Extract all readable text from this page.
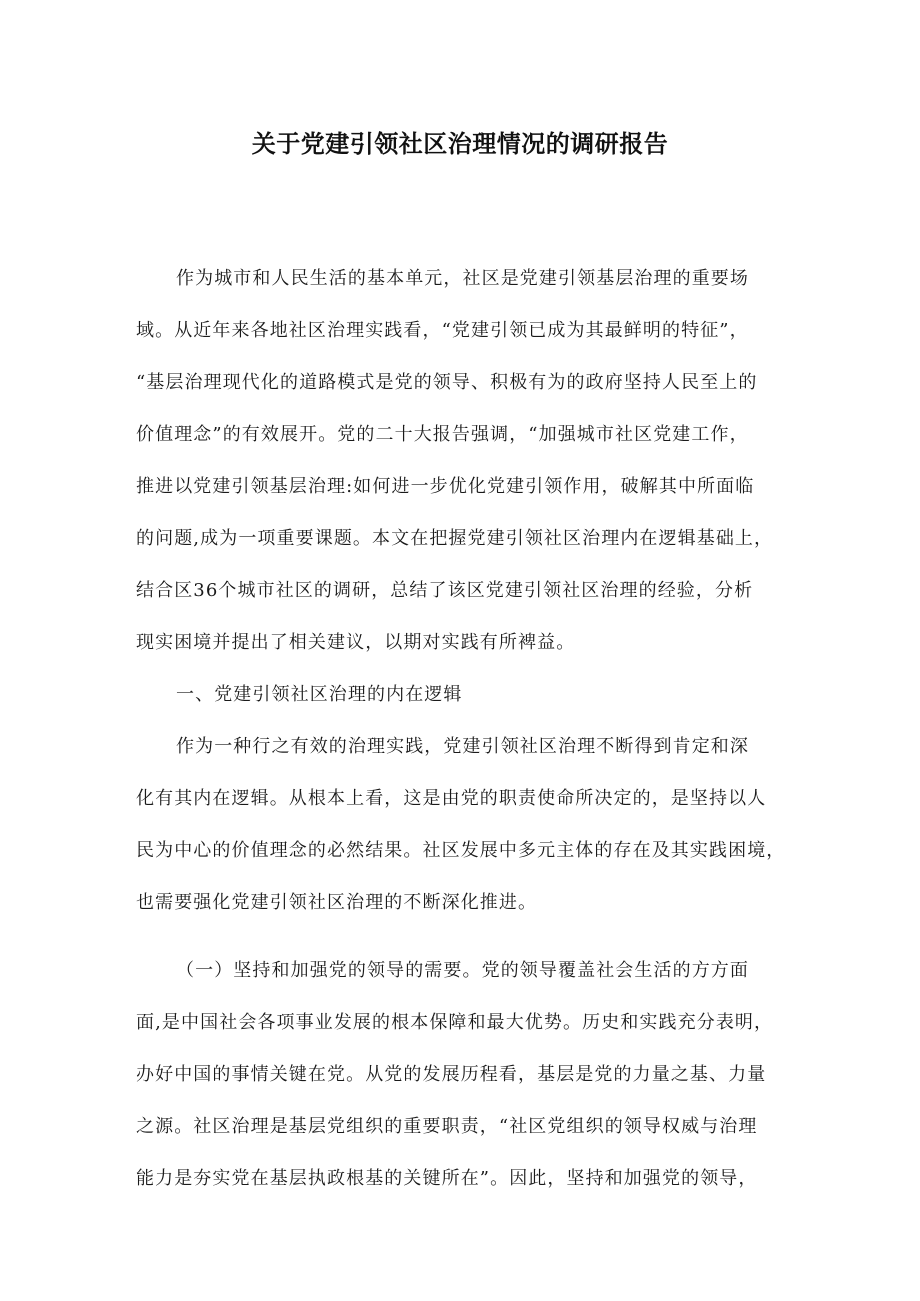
关于党建引领社区治理情况的调研报告
作为城市和人民生活的基本单元，社区是党建引领基层治理的重要场
域。从近年来各地社区治理实践看，“党建引领已成为其最鲜明的特征”，
“基层治理现代化的道路模式是党的领导、积极有为的政府坚持人民至上的
价值理念”的有效展开。党的二十大报告强调，“加强城市社区党建工作，
推进以党建引领基层治理:如何进一步优化党建引领作用，破解其中所面临
的问题,成为一项重要课题。本文在把握党建引领社区治理内在逻辑基础上，
结合区36个城市社区的调研，总结了该区党建引领社区治理的经验，分析
现实困境并提出了相关建议，以期对实践有所裨益。
一、党建引领社区治理的内在逻辑
作为一种行之有效的治理实践，党建引领社区治理不断得到肯定和深
化有其内在逻辑。从根本上看，这是由党的职责使命所决定的，是坚持以人
民为中心的价值理念的必然结果。社区发展中多元主体的存在及其实践困境，
也需要强化党建引领社区治理的不断深化推进。
（一）坚持和加强党的领导的需要。党的领导覆盖社会生活的方方面
面,是中国社会各项事业发展的根本保障和最大优势。历史和实践充分表明，
办好中国的事情关键在党。从党的发展历程看，基层是党的力量之基、力量
之源。社区治理是基层党组织的重要职责，“社区党组织的领导权威与治理
能力是夯实党在基层执政根基的关键所在”。因此，坚持和加强党的领导，
